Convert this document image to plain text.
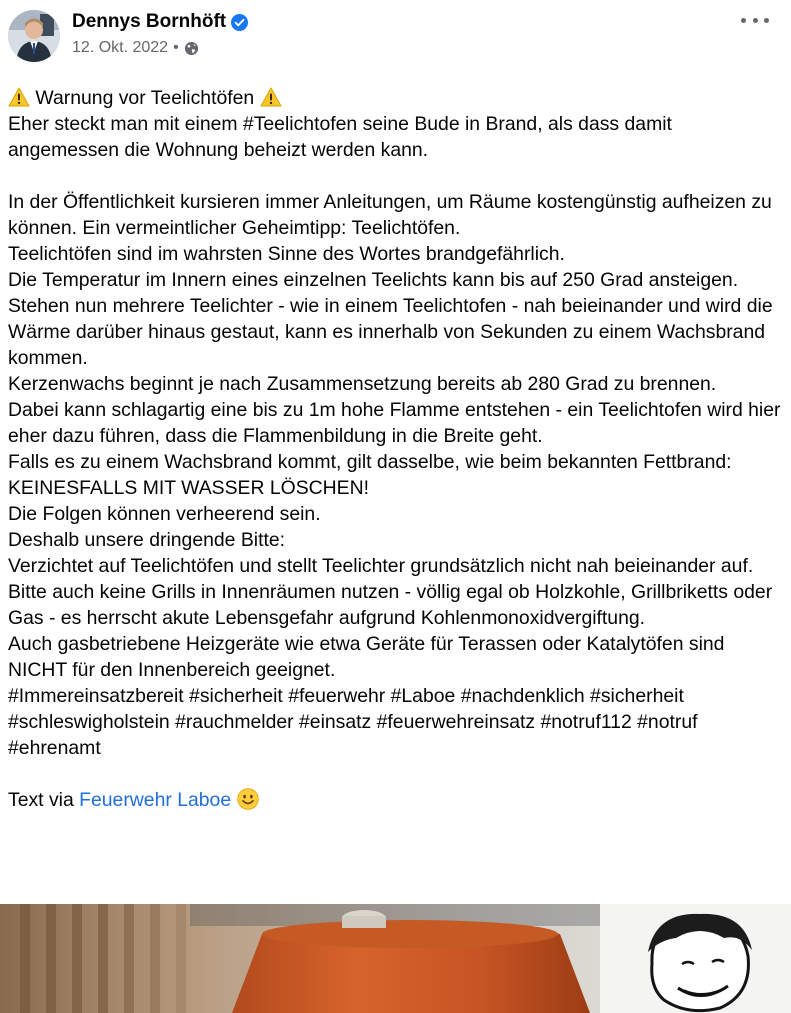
Dennys Bornhöft
12. Okt. 2022 •

Warnung vor Teelichtöfen

Eher steckt man mit einem #Teelichtofen seine Bude in Brand, als dass damit angemessen die Wohnung beheizt werden kann.

In der Öffentlichkeit kursieren immer Anleitungen, um Räume kostengünstig aufheizen zu können. Ein vermeintlicher Geheimtipp: Teelichtöfen.

Teelichtöfen sind im wahrsten Sinne des Wortes brandgefährlich.

Die Temperatur im Innern eines einzelnen Teelichts kann bis auf 250 Grad ansteigen. Stehen nun mehrere Teelichter - wie in einem Teelichtofen - nah beieinander und wird die Wärme darüber hinaus gestaut, kann es innerhalb von Sekunden zu einem Wachsbrand kommen.

Kerzenwachs beginnt je nach Zusammensetzung bereits ab 280 Grad zu brennen.

Dabei kann schlagartig eine bis zu 1m hohe Flamme entstehen - ein Teelichtofen wird hier eher dazu führen, dass die Flammenbildung in die Breite geht.

Falls es zu einem Wachsbrand kommt, gilt dasselbe, wie beim bekannten Fettbrand:

KEINESFALLS MIT WASSER LÖSCHEN!

Die Folgen können verheerend sein.

Deshalb unsere dringende Bitte:

Verzichtet auf Teelichtöfen und stellt Teelichter grundsätzlich nicht nah beieinander auf.

Bitte auch keine Grills in Innenräumen nutzen - völlig egal ob Holzkohle, Grillbriketts oder Gas - es herrscht akute Lebensgefahr aufgrund Kohlenmonoxidvergiftung.

Auch gasbetriebene Heizgeräte wie etwa Geräte für Terassen oder Katalytöfen sind NICHT für den Innenbereich geeignet.

#Immereinsatzbereit #sicherheit #feuerwehr #Laboe #nachdenklich #sicherheit #schleswigholstein #rauchmelder #einsatz #feuerwehreinsatz #notruf112 #notruf #ehrenamt

Text via Feuerwehr Laboe
